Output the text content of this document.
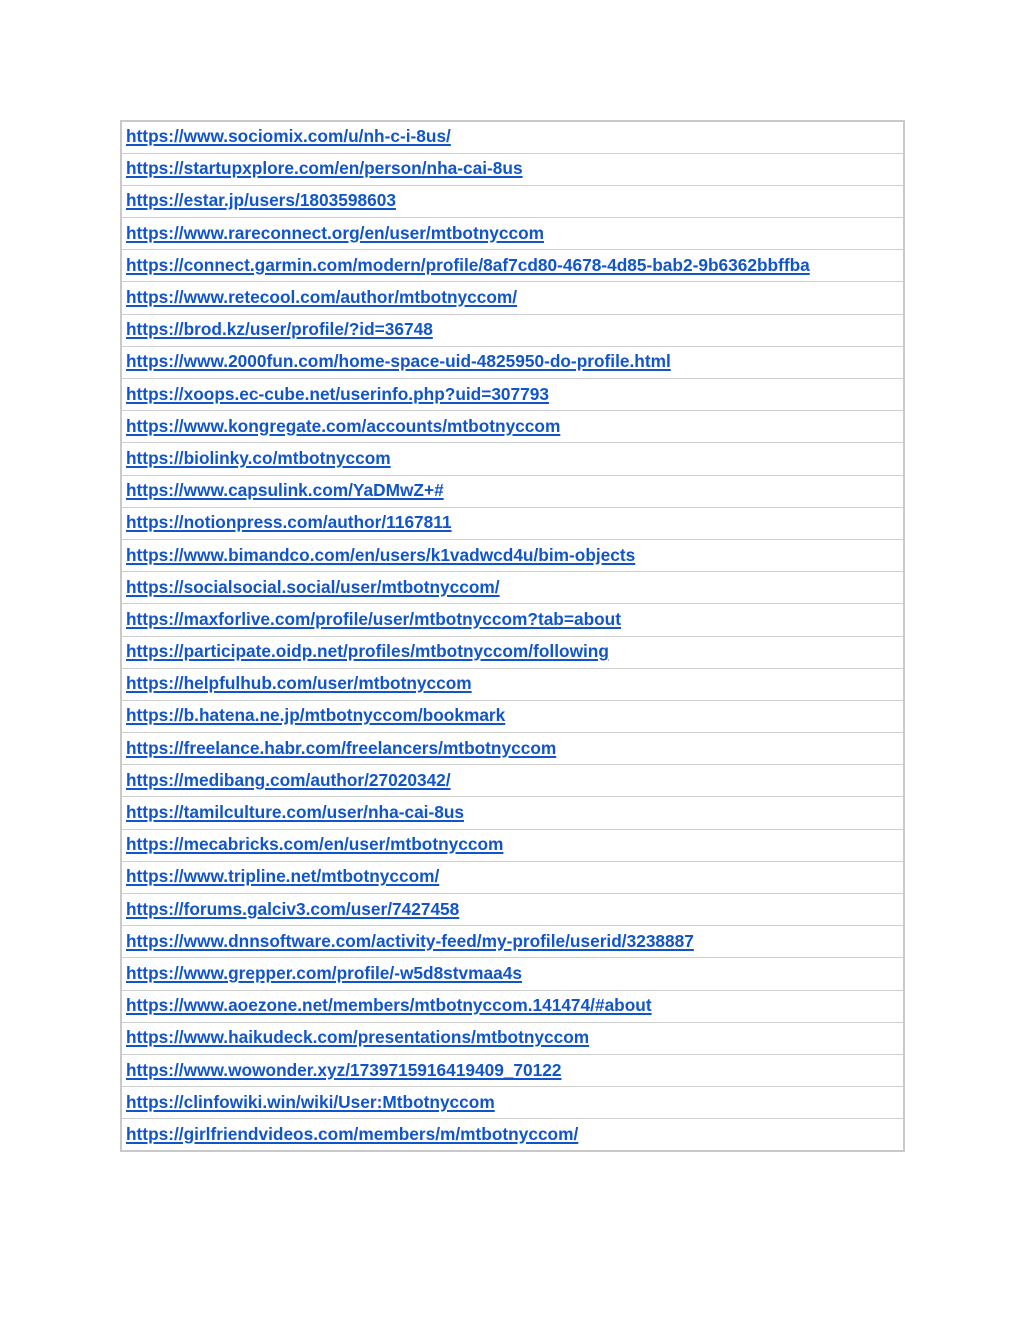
https://www.sociomix.com/u/nh-c-i-8us/
https://startupxplore.com/en/person/nha-cai-8us
https://estar.jp/users/1803598603
https://www.rareconnect.org/en/user/mtbotnyccom
https://connect.garmin.com/modern/profile/8af7cd80-4678-4d85-bab2-9b6362bbffba
https://www.retecool.com/author/mtbotnyccom/
https://brod.kz/user/profile/?id=36748
https://www.2000fun.com/home-space-uid-4825950-do-profile.html
https://xoops.ec-cube.net/userinfo.php?uid=307793
https://www.kongregate.com/accounts/mtbotnyccom
https://biolinky.co/mtbotnyccom
https://www.capsulink.com/YaDMwZ+#
https://notionpress.com/author/1167811
https://www.bimandco.com/en/users/k1vadwcd4u/bim-objects
https://socialsocial.social/user/mtbotnyccom/
https://maxforlive.com/profile/user/mtbotnyccom?tab=about
https://participate.oidp.net/profiles/mtbotnyccom/following
https://helpfulhub.com/user/mtbotnyccom
https://b.hatena.ne.jp/mtbotnyccom/bookmark
https://freelance.habr.com/freelancers/mtbotnyccom
https://medibang.com/author/27020342/
https://tamilculture.com/user/nha-cai-8us
https://mecabricks.com/en/user/mtbotnyccom
https://www.tripline.net/mtbotnyccom/
https://forums.galciv3.com/user/7427458
https://www.dnnsoftware.com/activity-feed/my-profile/userid/3238887
https://www.grepper.com/profile/-w5d8stvmaa4s
https://www.aoezone.net/members/mtbotnyccom.141474/#about
https://www.haikudeck.com/presentations/mtbotnyccom
https://www.wowonder.xyz/1739715916419409_70122
https://clinfowiki.win/wiki/User:Mtbotnyccom
https://girlfriendvideos.com/members/m/mtbotnyccom/
